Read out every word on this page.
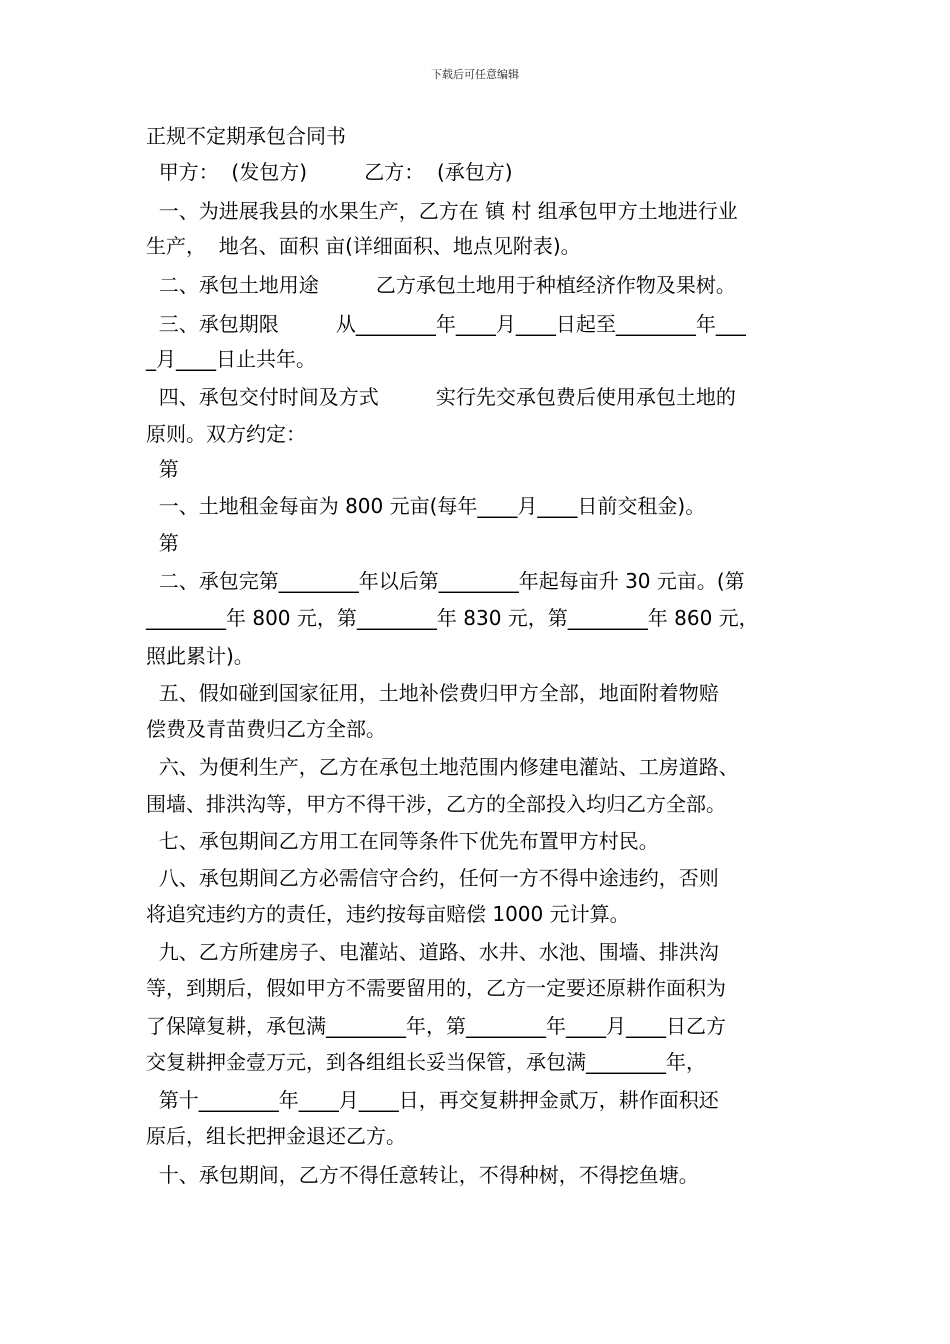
下载后可任意编辑
正规不定期承包合同书
甲方：  (发包方)         乙方：  (承包方)
一、为进展我县的水果生产，乙方在 镇 村 组承包甲方土地进行业
生产，  地名、面积 亩(详细面积、地点见附表)。
二、承包土地用途         乙方承包土地用于种植经济作物及果树。
三、承包期限         从________年____月____日起至________年___
_月____日止共年。
四、承包交付时间及方式         实行先交承包费后使用承包土地的
原则。双方约定：
第
一、土地租金每亩为 800 元亩(每年____月____日前交租金)。
第
二、承包完第________年以后第________年起每亩升 30 元亩。(第
________年 800 元，第________年 830 元，第________年 860 元，
照此累计)。
五、假如碰到国家征用，土地补偿费归甲方全部，地面附着物赔
偿费及青苗费归乙方全部。
六、为便利生产，乙方在承包土地范围内修建电灌站、工房道路、
围墙、排洪沟等，甲方不得干涉，乙方的全部投入均归乙方全部。
七、承包期间乙方用工在同等条件下优先布置甲方村民。
八、承包期间乙方必需信守合约，任何一方不得中途违约，否则
将追究违约方的责任，违约按每亩赔偿 1000 元计算。
九、乙方所建房子、电灌站、道路、水井、水池、围墙、排洪沟
等，到期后，假如甲方不需要留用的，乙方一定要还原耕作面积为
了保障复耕，承包满________年，第________年____月____日乙方
交复耕押金壹万元，到各组组长妥当保管，承包满________年，
第十________年____月____日，再交复耕押金贰万，耕作面积还
原后，组长把押金退还乙方。
十、承包期间，乙方不得任意转让，不得种树，不得挖鱼塘。
